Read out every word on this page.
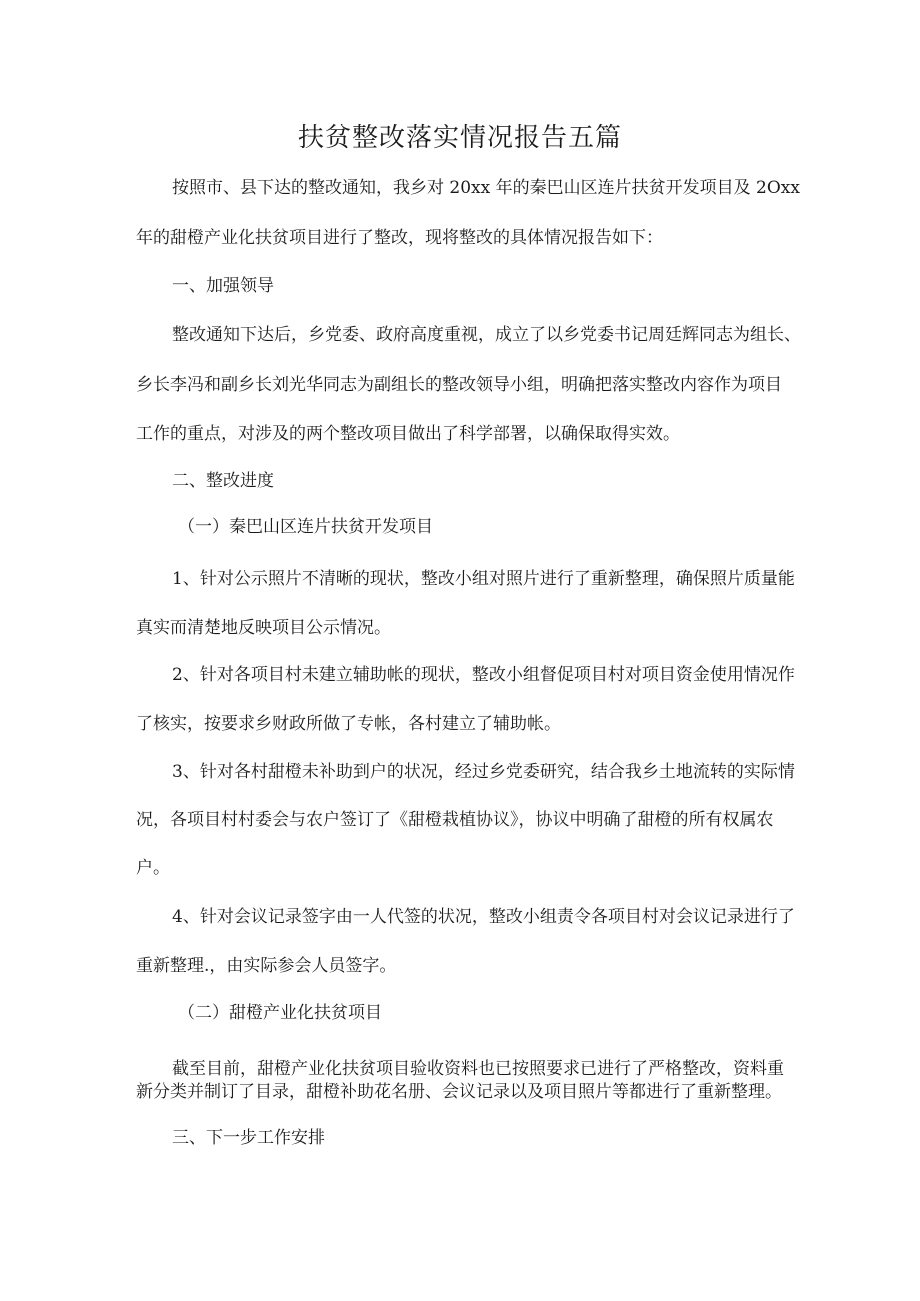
扶贫整改落实情况报告五篇
按照市、县下达的整改通知，我乡对 20xx 年的秦巴山区连片扶贫开发项目及 2Oxx
年的甜橙产业化扶贫项目进行了整改，现将整改的具体情况报告如下：
一、加强领导
整改通知下达后，乡党委、政府高度重视，成立了以乡党委书记周廷辉同志为组长、
乡长李冯和副乡长刘光华同志为副组长的整改领导小组，明确把落实整改内容作为项目
工作的重点，对涉及的两个整改项目做出了科学部署，以确保取得实效。
二、整改进度
（一）秦巴山区连片扶贫开发项目
1、针对公示照片不清晰的现状，整改小组对照片进行了重新整理，确保照片质量能
真实而清楚地反映项目公示情况。
2、针对各项目村未建立辅助帐的现状，整改小组督促项目村对项目资金使用情况作
了核实，按要求乡财政所做了专帐，各村建立了辅助帐。
3、针对各村甜橙未补助到户的状况，经过乡党委研究，结合我乡土地流转的实际情
况，各项目村村委会与农户签订了《甜橙栽植协议》，协议中明确了甜橙的所有权属农
户。
4、针对会议记录签字由一人代签的状况，整改小组责令各项目村对会议记录进行了
重新整理.，由实际参会人员签字。
（二）甜橙产业化扶贫项目
截至目前，甜橙产业化扶贫项目验收资料也已按照要求已进行了严格整改，资料重
新分类并制订了目录，甜橙补助花名册、会议记录以及项目照片等都进行了重新整理。
三、下一步工作安排
